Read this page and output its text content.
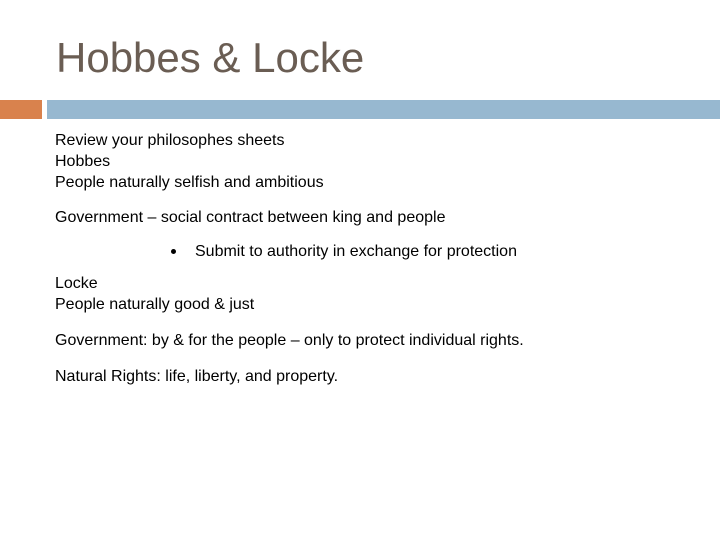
Hobbes & Locke
Review your philosophes sheets
Hobbes
People naturally selfish and ambitious
Government – social contract between king and people
Submit to authority in exchange for protection
Locke
People naturally good & just
Government: by & for the people – only to protect individual rights.
Natural Rights: life, liberty, and property.
